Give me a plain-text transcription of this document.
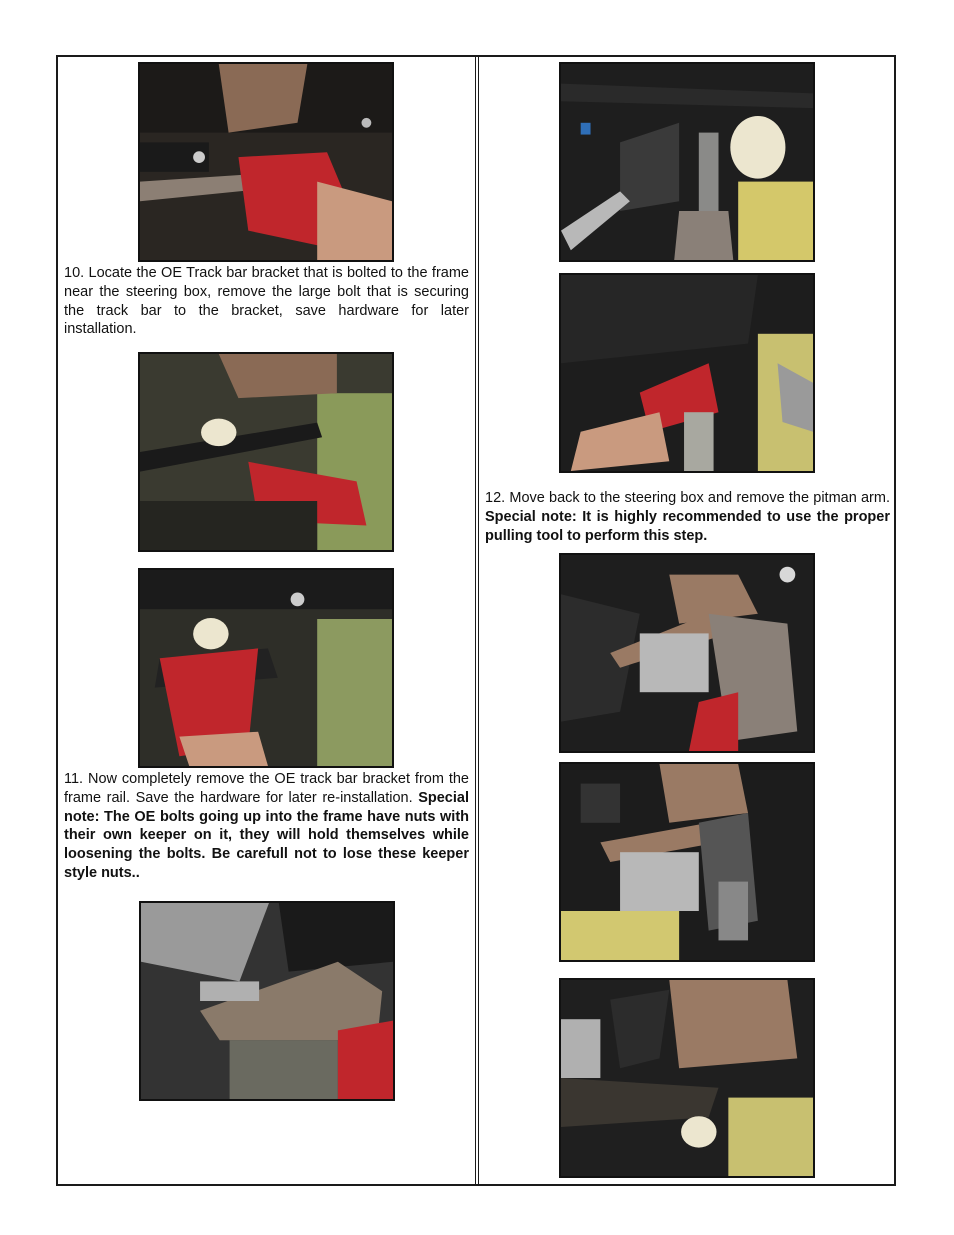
10. Locate the OE Track bar bracket that is bolted to the frame near the steering box, remove the large bolt that is securing the track bar to the bracket, save hardware for later installation.

11. Now completely remove the OE track bar bracket from the frame rail. Save the hardware for later re-installation. Special note: The OE bolts going up into the frame have nuts with their own keeper on it, they will hold themselves while loosening the bolts. Be carefull not to lose these keeper style nuts..

12. Move back to the steering box and remove the pitman arm. Special note: It is highly recommended to use the proper pulling tool to perform this step.
